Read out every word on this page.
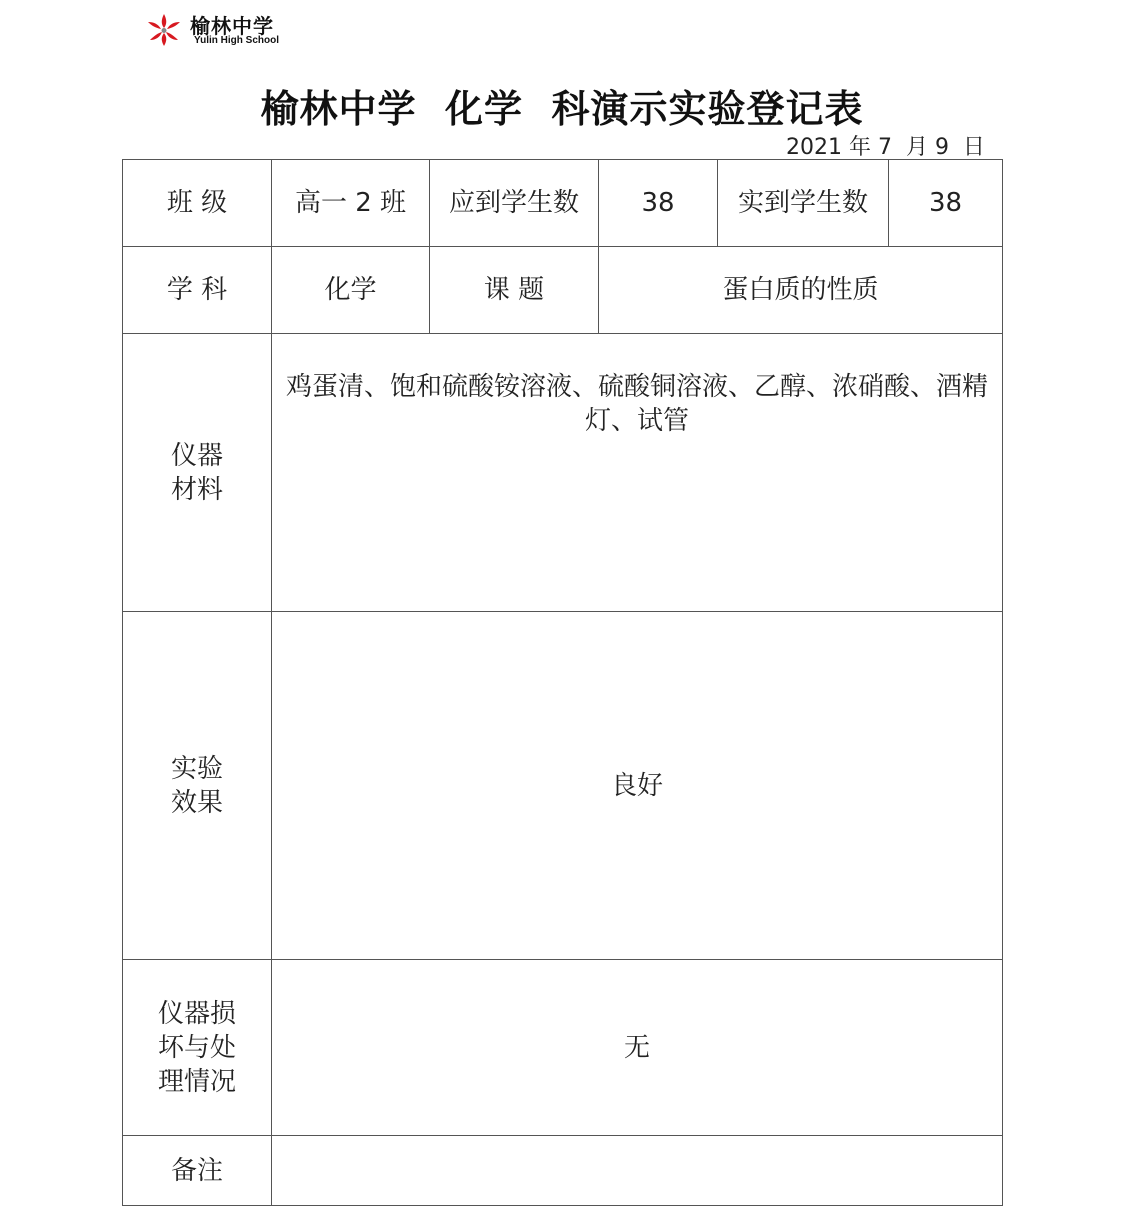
榆林中学
Yulin High School
榆林中学  化学  科演示实验登记表
2021 年 7  月 9  日
班 级	高一 2 班	应到学生数	38	实到学生数	38
学 科	化学	课 题	蛋白质的性质		
仪器
材料	鸡蛋清、饱和硫酸铵溶液、硫酸铜溶液、乙醇、浓硝酸、酒精灯、试管				
实验
效果	良好				
仪器损
坏与处
理情况	无				
备注					
